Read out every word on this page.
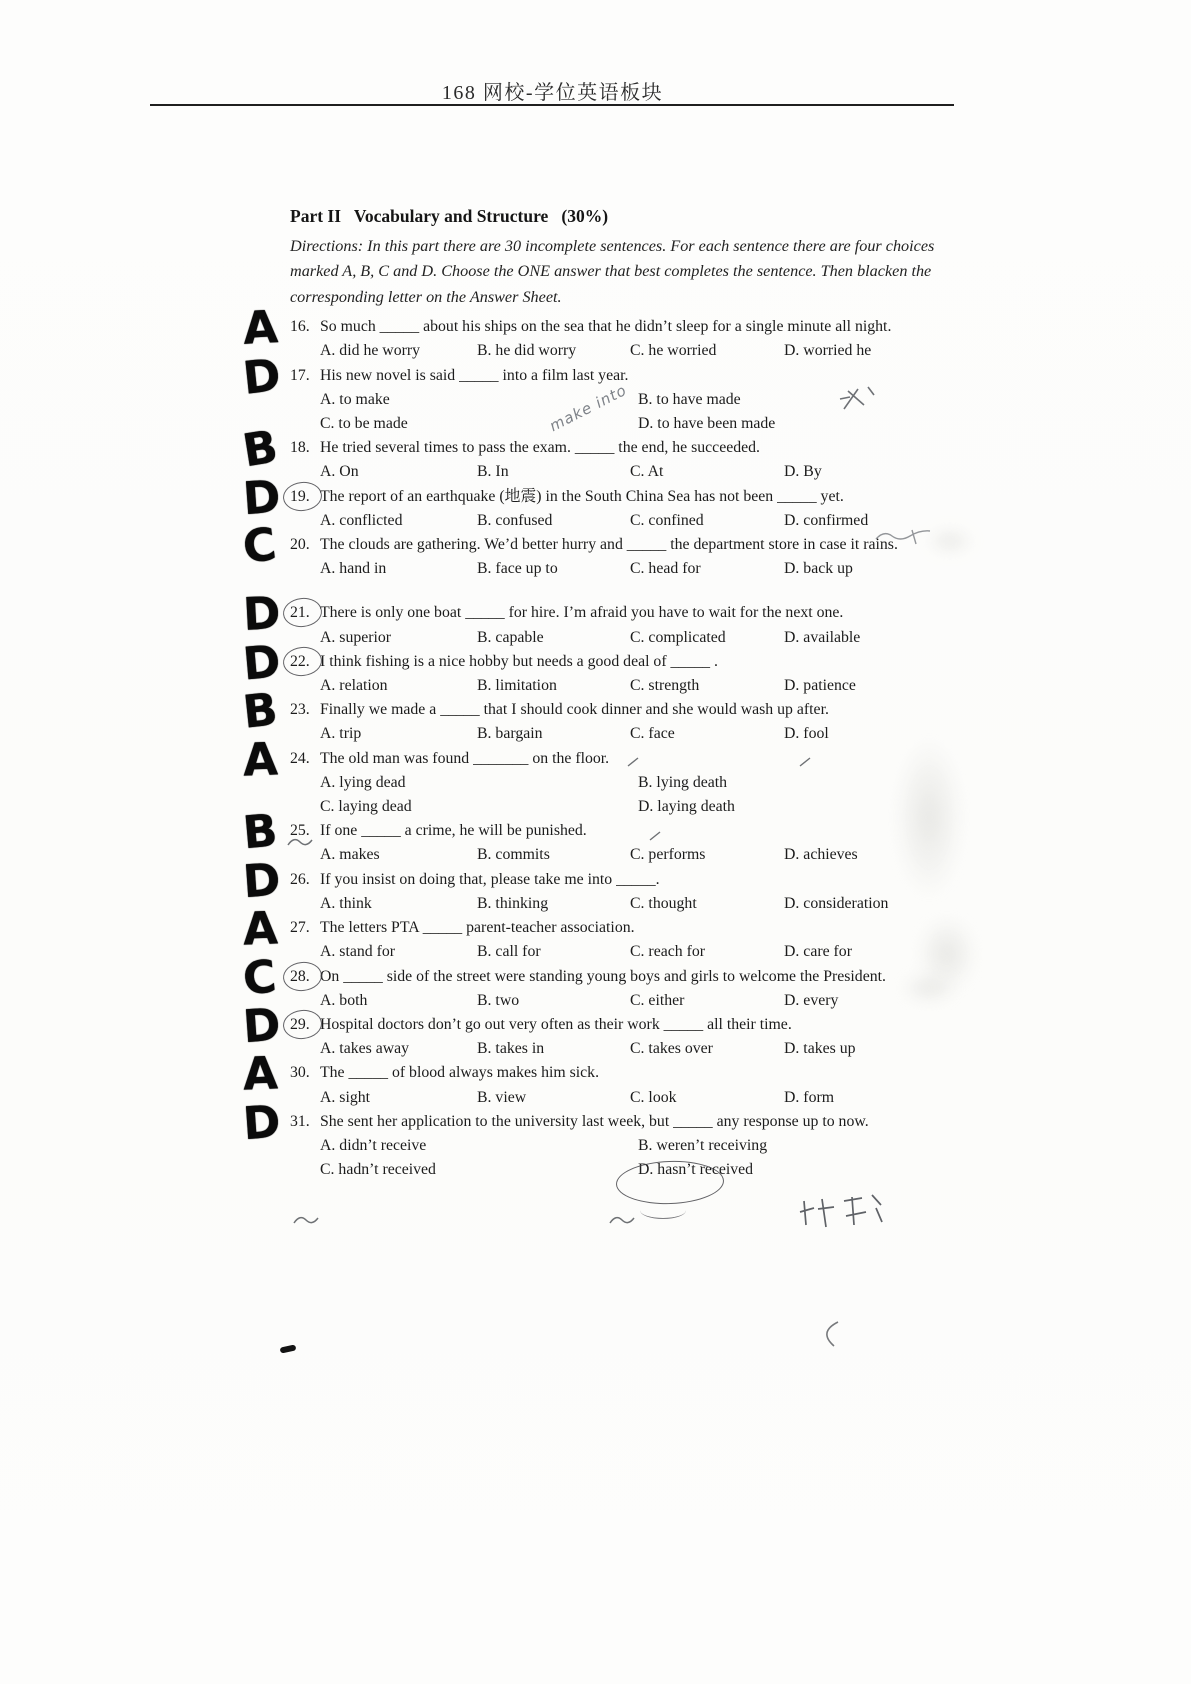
168 网校-学位英语板块
Part II   Vocabulary and Structure   (30%)
Directions: In this part there are 30 incomplete sentences. For each sentence there are four choices marked A, B, C and D. Choose the ONE answer that best completes the sentence. Then blacken the corresponding letter on the Answer Sheet.
A 16. So much _____ about his ships on the sea that he didn’t sleep for a single minute all night.
A. did he worry	B. he did worry	C. he worried	D. worried he
D 17. His new novel is said _____ into a film last year.
A. to make	B. to have made
C. to be made	D. to have been made
B 18. He tried several times to pass the exam. _____ the end, he succeeded.
A. On	B. In	C. At	D. By
D 19. The report of an earthquake (地震) in the South China Sea has not been _____ yet.
A. conflicted	B. confused	C. confined	D. confirmed
C 20. The clouds are gathering. We’d better hurry and _____ the department store in case it rains.
A. hand in	B. face up to	C. head for	D. back up
D 21. There is only one boat _____ for hire. I’m afraid you have to wait for the next one.
A. superior	B. capable	C. complicated	D. available
D 22. I think fishing is a nice hobby but needs a good deal of _____ .
A. relation	B. limitation	C. strength	D. patience
B 23. Finally we made a _____ that I should cook dinner and she would wash up after.
A. trip	B. bargain	C. face	D. fool
A 24. The old man was found _______ on the floor.
A. lying dead	B. lying death
C. laying dead	D. laying death
B 25. If one _____ a crime, he will be punished.
A. makes	B. commits	C. performs	D. achieves
D 26. If you insist on doing that, please take me into _____.
A. think	B. thinking	C. thought	D. consideration
A 27. The letters PTA _____ parent-teacher association.
A. stand for	B. call for	C. reach for	D. care for
C 28. On _____ side of the street were standing young boys and girls to welcome the President.
A. both	B. two	C. either	D. every
D 29. Hospital doctors don’t go out very often as their work _____ all their time.
A. takes away	B. takes in	C. takes over	D. takes up
A 30. The _____ of blood always makes him sick.
A. sight	B. view	C. look	D. form
D 31. She sent her application to the university last week, but _____ any response up to now.
A. didn’t receive	B. weren’t receiving
C. hadn’t received	D. hasn’t received
make into
